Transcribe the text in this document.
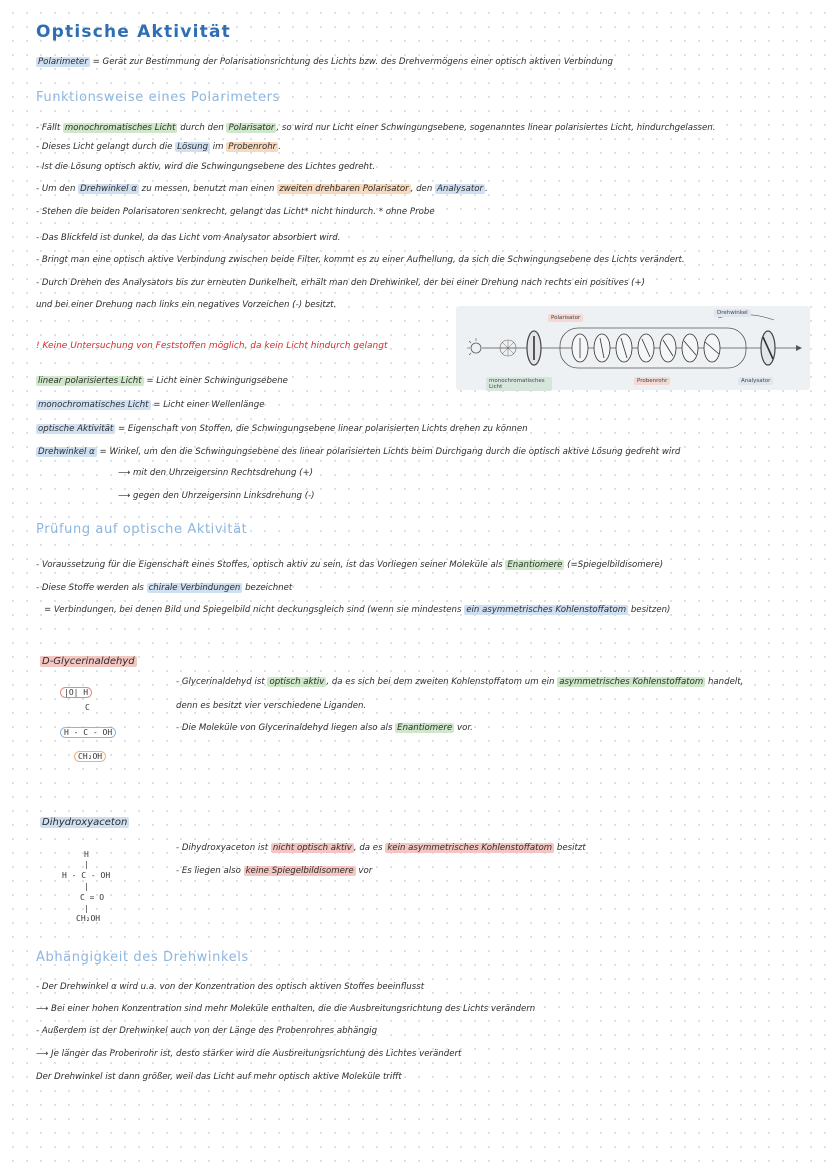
Optische Aktivität
Polarimeter = Gerät zur Bestimmung der Polarisationsrichtung des Lichts bzw. des Drehvermögens einer optisch aktiven Verbindung
Funktionsweise eines Polarimeters
- Fällt monochromatisches Licht durch den Polarisator , so wird nur Licht einer Schwingungsebene, sogenanntes linear polarisiertes Licht, hindurchgelassen.
- Dieses Licht gelangt durch die Lösung im Probenrohr .
- Ist die Lösung optisch aktiv, wird die Schwingungsebene des Lichtes gedreht.
- Um den Drehwinkel α zu messen, benutzt man einen zweiten drehbaren Polarisator , den Analysator .
- Stehen die beiden Polarisatoren senkrecht, gelangt das Licht* nicht hindurch. * ohne Probe
- Das Blickfeld ist dunkel, da das Licht vom Analysator absorbiert wird.
- Bringt man eine optisch aktive Verbindung zwischen beide Filter, kommt es zu einer Aufhellung, da sich die Schwingungsebene des Lichts verändert.
- Durch Drehen des Analysators bis zur erneuten Dunkelheit, erhält man den Drehwinkel, der bei einer Drehung nach rechts ein positives (+)
und bei einer Drehung nach links ein negatives Vorzeichen (-) besitzt.
! Keine Untersuchung von Feststoffen möglich, da kein Licht hindurch gelangt
Polarisator
Drehwinkel
monochromatisches Licht
Probenrohr	Analysator
linear polarisiertes Licht = Licht einer Schwingungsebene
monochromatisches Licht = Licht einer Wellenlänge
optische Aktivität = Eigenschaft von Stoffen, die Schwingungsebene linear polarisierten Lichts drehen zu können
Drehwinkel α = Winkel, um den die Schwingungsebene des linear polarisierten Lichts beim Durchgang durch die optisch aktive Lösung gedreht wird
⟶ mit den Uhrzeigersinn Rechtsdrehung (+)
⟶ gegen den Uhrzeigersinn Linksdrehung (-)
Prüfung auf optische Aktivität
- Voraussetzung für die Eigenschaft eines Stoffes, optisch aktiv zu sein, ist das Vorliegen seiner Moleküle als Enantiomere (=Spiegelbildisomere)
- Diese Stoffe werden als chirale Verbindungen bezeichnet
= Verbindungen, bei denen Bild und Spiegelbild nicht deckungsgleich sind (wenn sie mindestens ein asymmetrisches Kohlenstoffatom besitzen)
D-Glycerinaldehyd
|O| H
C
H - C - OH
CH₂OH
- Glycerinaldehyd ist optisch aktiv , da es sich bei dem zweiten Kohlenstoffatom um ein asymmetrisches Kohlenstoffatom handelt,
denn es besitzt vier verschiedene Liganden.
- Die Moleküle von Glycerinaldehyd liegen also als Enantiomere vor.
Dihydroxyaceton
H
|
H - C - OH
|
C = O
|
CH₂OH
- Dihydroxyaceton ist nicht optisch aktiv , da es kein asymmetrisches Kohlenstoffatom besitzt
- Es liegen also keine Spiegelbildisomere vor
Abhängigkeit des Drehwinkels
- Der Drehwinkel α wird u.a. von der Konzentration des optisch aktiven Stoffes beeinflusst
⟶ Bei einer hohen Konzentration sind mehr Moleküle enthalten, die die Ausbreitungsrichtung des Lichts verändern
- Außerdem ist der Drehwinkel auch von der Länge des Probenrohres abhängig
⟶ Je länger das Probenrohr ist, desto stärker wird die Ausbreitungsrichtung des Lichtes verändert
Der Drehwinkel ist dann größer, weil das Licht auf mehr optisch aktive Moleküle trifft
